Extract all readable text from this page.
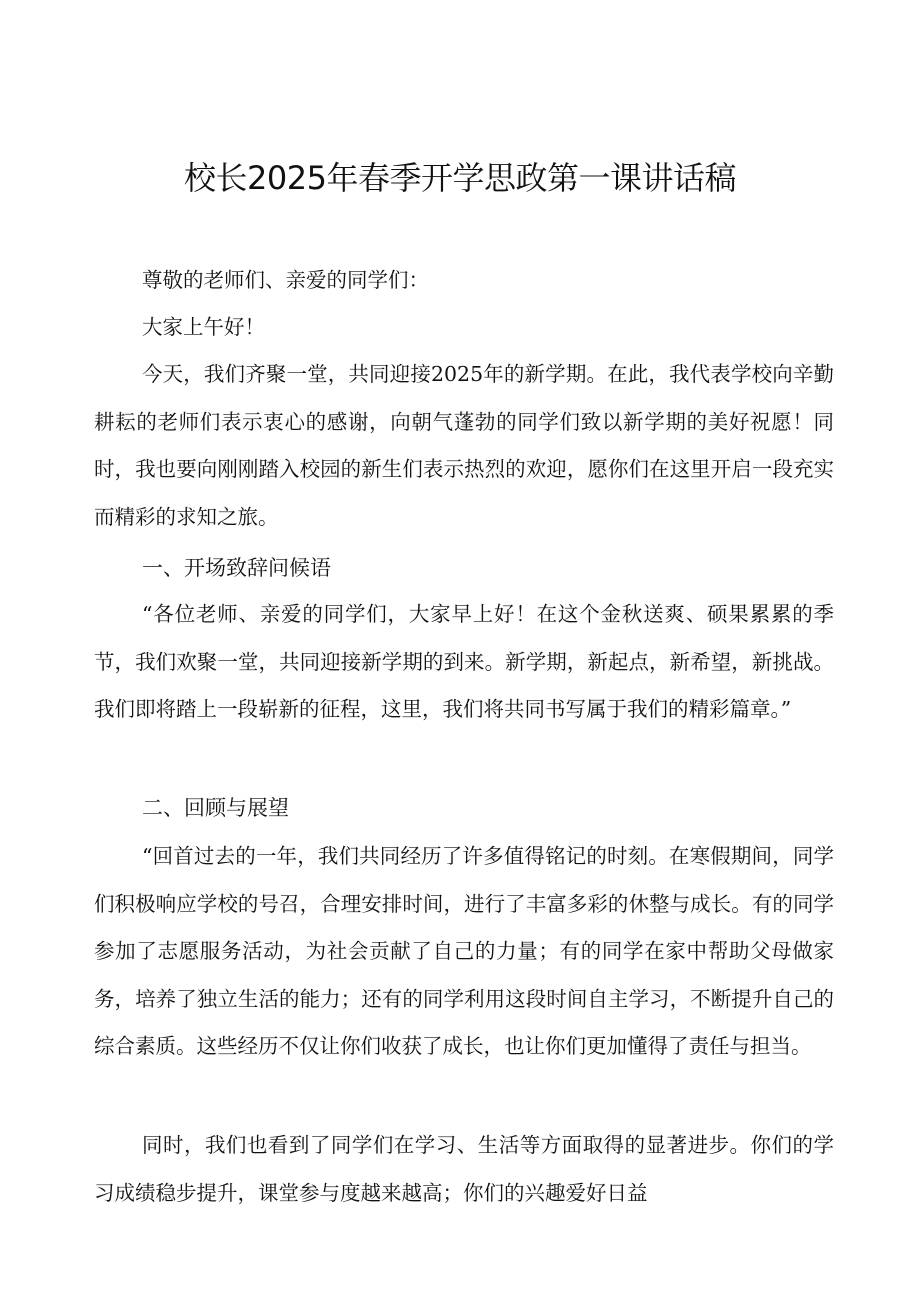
校长2025年春季开学思政第一课讲话稿

尊敬的老师们、亲爱的同学们：

大家上午好！

今天，我们齐聚一堂，共同迎接2025年的新学期。在此，我代表学校向辛勤耕耘的老师们表示衷心的感谢，向朝气蓬勃的同学们致以新学期的美好祝愿！同时，我也要向刚刚踏入校园的新生们表示热烈的欢迎，愿你们在这里开启一段充实而精彩的求知之旅。

一、开场致辞问候语

“各位老师、亲爱的同学们，大家早上好！在这个金秋送爽、硕果累累的季节，我们欢聚一堂，共同迎接新学期的到来。新学期，新起点，新希望，新挑战。我们即将踏上一段崭新的征程，这里，我们将共同书写属于我们的精彩篇章。”

二、回顾与展望

“回首过去的一年，我们共同经历了许多值得铭记的时刻。在寒假期间，同学们积极响应学校的号召，合理安排时间，进行了丰富多彩的休整与成长。有的同学参加了志愿服务活动，为社会贡献了自己的力量；有的同学在家中帮助父母做家务，培养了独立生活的能力；还有的同学利用这段时间自主学习，不断提升自己的综合素质。这些经历不仅让你们收获了成长，也让你们更加懂得了责任与担当。

同时，我们也看到了同学们在学习、生活等方面取得的显著进步。你们的学习成绩稳步提升，课堂参与度越来越高；你们的兴趣爱好日益
